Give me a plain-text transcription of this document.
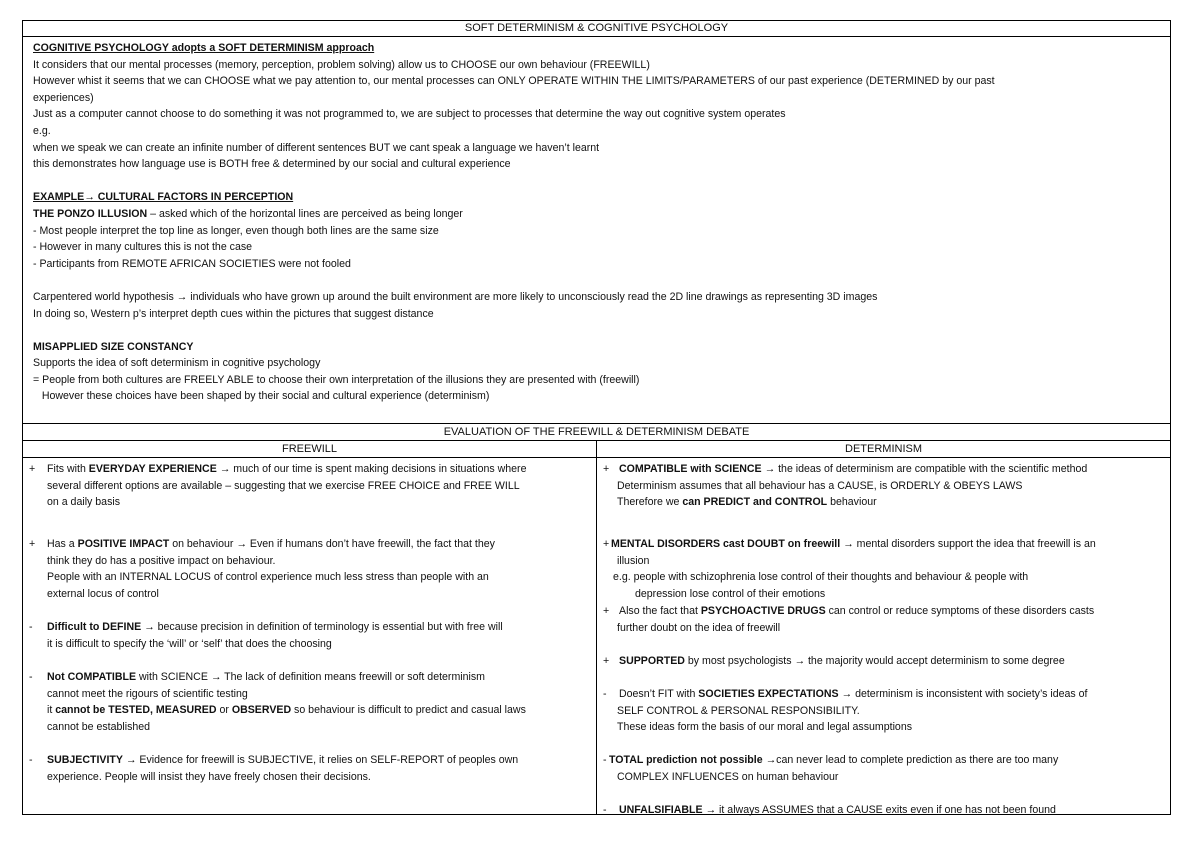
SOFT DETERMINISM & COGNITIVE PSYCHOLOGY
COGNITIVE PSYCHOLOGY adopts a SOFT DETERMINISM approach
It considers that our mental processes (memory, perception, problem solving) allow us to CHOOSE our own behaviour (FREEWILL)
However whist it seems that we can CHOOSE what we pay attention to, our mental processes can ONLY OPERATE WITHIN THE LIMITS/PARAMETERS of our past experience (DETERMINED by our past
experiences)
Just as a computer cannot choose to do something it was not programmed to, we are subject to processes that determine the way out cognitive system operates
e.g.
when we speak we can create an infinite number of different sentences BUT we cant speak a language we haven’t learnt
this demonstrates how language use is BOTH free & determined by our social and cultural experience
EXAMPLE→ CULTURAL FACTORS IN PERCEPTION
THE PONZO ILLUSION – asked which of the horizontal lines are perceived as being longer
- Most people interpret the top line as longer, even though both lines are the same size
- However in many cultures this is not the case
- Participants from REMOTE AFRICAN SOCIETIES were not fooled
Carpentered world hypothesis → individuals who have grown up around the built environment are more likely to unconsciously read the 2D line drawings as representing 3D images
In doing so, Western p’s interpret depth cues within the pictures that suggest distance
MISAPPLIED SIZE CONSTANCY
Supports the idea of soft determinism in cognitive psychology
= People from both cultures are FREELY ABLE to choose their own interpretation of the illusions they are presented with (freewill)
However these choices have been shaped by their social and cultural experience (determinism)
EVALUATION OF THE FREEWILL & DETERMINISM DEBATE
FREEWILL
+	Fits with EVERYDAY EXPERIENCE → much of our time is spent making decisions in situations where
several different options are available – suggesting that we exercise FREE CHOICE and FREE WILL
on a daily basis
+	Has a POSITIVE IMPACT on behaviour → Even if humans don’t have freewill, the fact that they
think they do has a positive impact on behaviour.
People with an INTERNAL LOCUS of control experience much less stress than people with an
external locus of control
-	Difficult to DEFINE → because precision in definition of terminology is essential but with free will
it is difficult to specify the ‘will’ or ‘self’ that does the choosing
-	Not COMPATIBLE with SCIENCE → The lack of definition means freewill or soft determinism
cannot meet the rigours of scientific testing
it cannot be TESTED, MEASURED or OBSERVED so behaviour is difficult to predict and casual laws
cannot be established
-	SUBJECTIVITY → Evidence for freewill is SUBJECTIVE, it relies on SELF-REPORT of peoples own
experience. People will insist they have freely chosen their decisions.
DETERMINISM
+ COMPATIBLE with SCIENCE → the ideas of determinism are compatible with the scientific method
Determinism assumes that all behaviour has a CAUSE, is ORDERLY & OBEYS LAWS
Therefore we can PREDICT and CONTROL behaviour
+ MENTAL DISORDERS cast DOUBT on freewill → mental disorders support the idea that freewill is an
illusion
e.g. people with schizophrenia lose control of their thoughts and behaviour & people with
depression lose control of their emotions
+ Also the fact that PSYCHOACTIVE DRUGS can control or reduce symptoms of these disorders casts
further doubt on the idea of freewill
+ SUPPORTED by most psychologists → the majority would accept determinism to some degree
-	Doesn’t FIT with SOCIETIES EXPECTATIONS → determinism is inconsistent with society’s ideas of
SELF CONTROL & PERSONAL RESPONSIBILITY.
These ideas form the basis of our moral and legal assumptions
- TOTAL prediction not possible →can never lead to complete prediction as there are too many
COMPLEX INFLUENCES on human behaviour
-	UNFALSIFIABLE → it always ASSUMES that a CAUSE exits even if one has not been found
